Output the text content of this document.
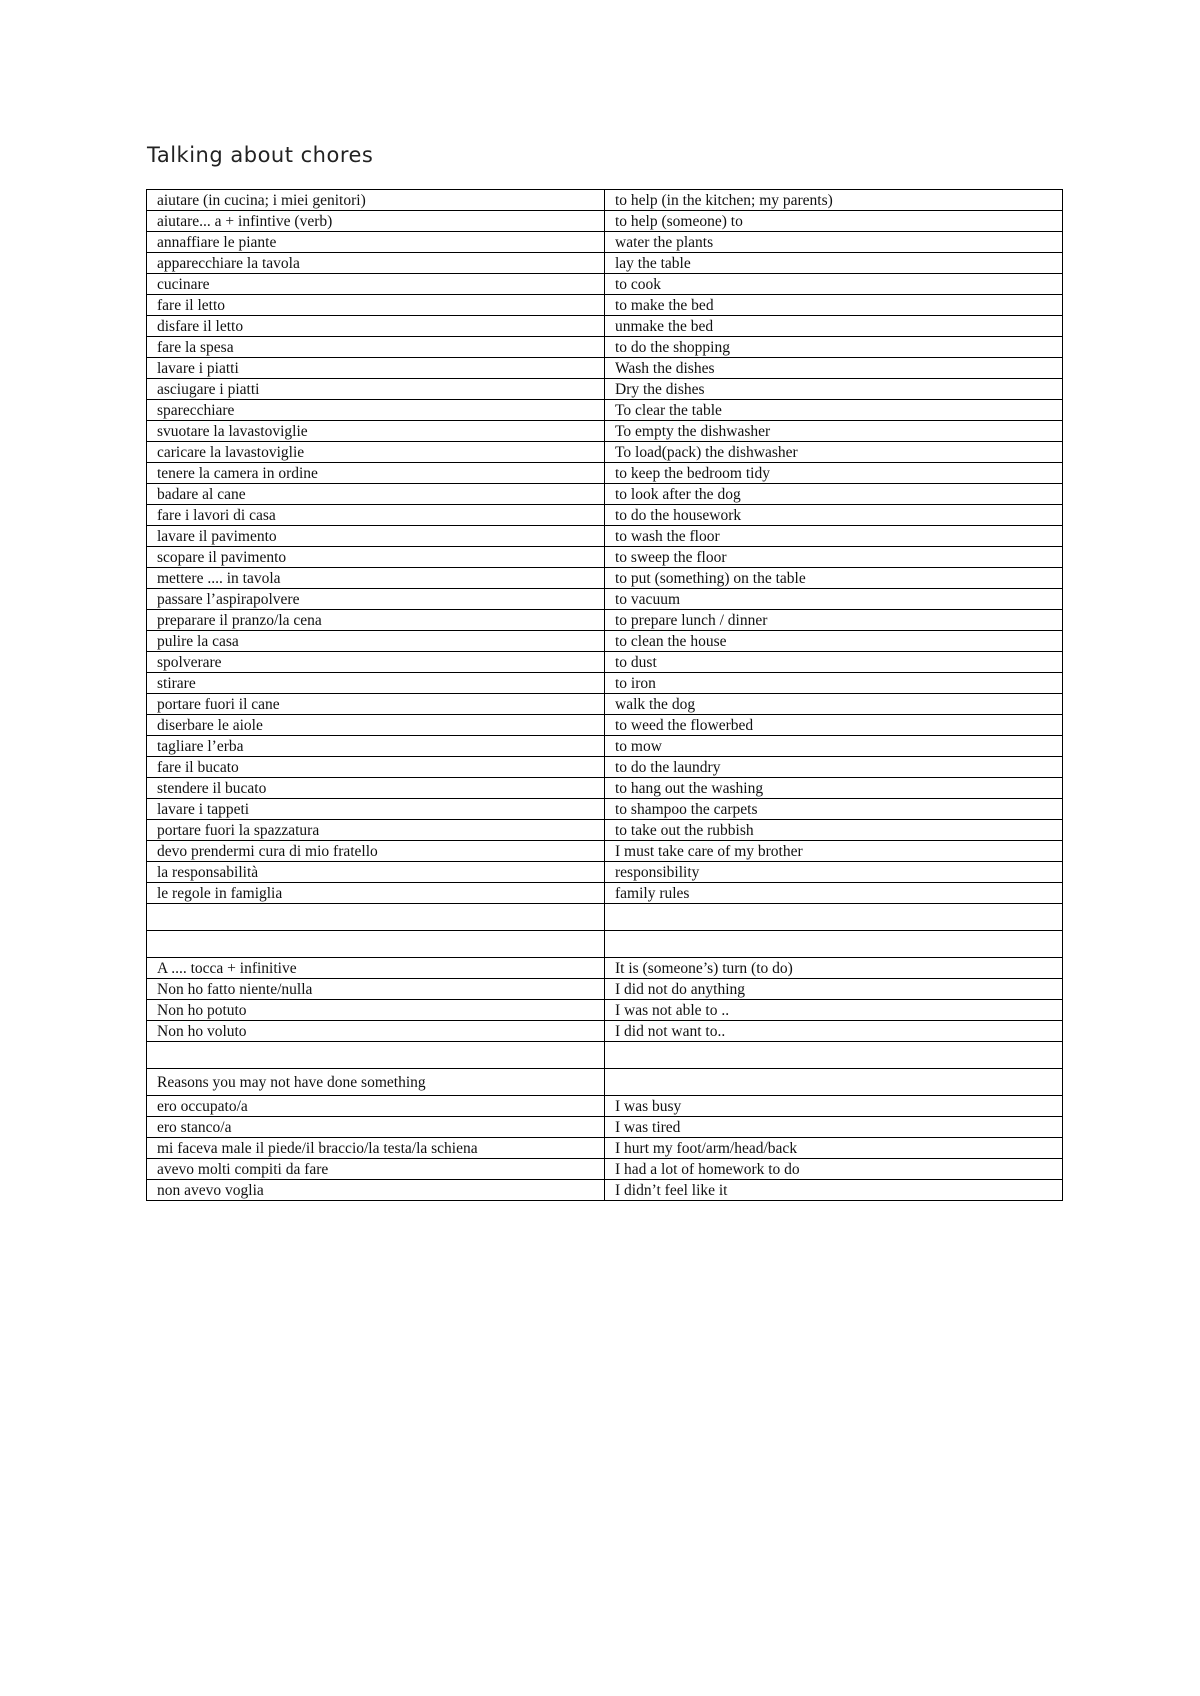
Talking about chores
aiutare (in cucina; i miei genitori)	to help (in the kitchen; my parents)
aiutare... a + infintive (verb)	to help (someone) to
annaffiare le piante	water the plants
apparecchiare la tavola	lay the table
cucinare	to cook
fare il letto	to make the bed
disfare il letto	unmake the bed
fare la spesa	to do the shopping
lavare i piatti	Wash the dishes
asciugare i piatti	Dry the dishes
sparecchiare	To clear the table
svuotare la lavastoviglie	To empty the dishwasher
caricare la lavastoviglie	To load(pack) the dishwasher
tenere la camera in ordine	to keep the bedroom tidy
badare al cane	to look after the dog
fare i lavori di casa	to do the housework
lavare il pavimento	to wash the floor
scopare il pavimento	to sweep the floor
mettere .... in tavola	to put (something) on the table
passare l’aspirapolvere	to vacuum
preparare il pranzo/la cena	to prepare lunch / dinner
pulire la casa	to clean the house
spolverare	to dust
stirare	to iron
portare fuori il cane	walk the dog
diserbare le aiole	to weed the flowerbed
tagliare l’erba	to mow
fare il bucato	to do the laundry
stendere il bucato	to hang out the washing
lavare i tappeti	to shampoo the carpets
portare fuori la spazzatura	to take out the rubbish
devo prendermi cura di mio fratello	I must take care of my brother
la responsabilità	responsibility
le regole in famiglia	family rules

A .... tocca + infinitive	It is (someone’s) turn (to do)
Non ho fatto niente/nulla	I did not do anything
Non ho potuto	I was not able to ..
Non ho voluto	I did not want to..

Reasons you may not have done something	
ero occupato/a	I was busy
ero stanco/a	I was tired
mi faceva male il piede/il braccio/la testa/la schiena	I hurt my foot/arm/head/back
avevo molti compiti da fare	I had a lot of homework to do
non avevo voglia	I didn’t feel like it
